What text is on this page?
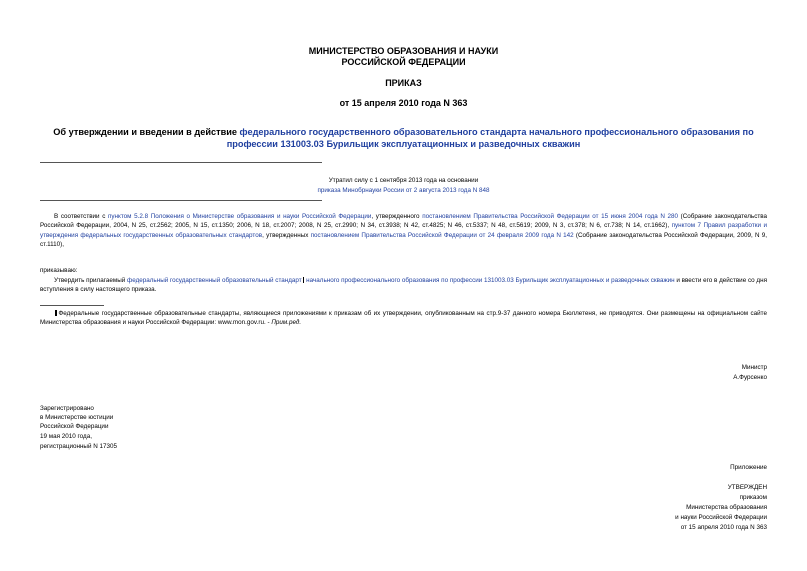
МИНИСТЕРСТВО ОБРАЗОВАНИЯ И НАУКИ
РОССИЙСКОЙ ФЕДЕРАЦИИ
ПРИКАЗ
от 15 апреля 2010 года N 363
Об утверждении и введении в действие федерального государственного образовательного стандарта начального профессионального образования по профессии 131003.03 Бурильщик эксплуатационных и разведочных скважин
Утратил силу с 1 сентября 2013 года на основании
приказа Минобрнауки России от 2 августа 2013 года N 848
В соответствии с пунктом 5.2.8 Положения о Министерстве образования и науки Российской Федерации, утвержденного постановлением Правительства Российской Федерации от 15 июня 2004 года N 280 (Собрание законодательства Российской Федерации, 2004, N 25, ст.2562; 2005, N 15, ст.1350; 2006, N 18, ст.2007; 2008, N 25, ст.2990; N 34, ст.3938; N 42, ст.4825; N 46, ст.5337; N 48, ст.5619; 2009, N 3, ст.378; N 6, ст.738; N 14, ст.1662), пунктом 7 Правил разработки и утверждения федеральных государственных образовательных стандартов, утвержденных постановлением Правительства Российской Федерации от 24 февраля 2009 года N 142 (Собрание законодательства Российской Федерации, 2009, N 9, ст.1110),
приказываю:
Утвердить прилагаемый федеральный государственный образовательный стандарт начального профессионального образования по профессии 131003.03 Бурильщик эксплуатационных и разведочных скважин и ввести его в действие со дня вступления в силу настоящего приказа.
Федеральные государственные образовательные стандарты, являющиеся приложениями к приказам об их утверждении, опубликованным на стр.9-37 данного номера Бюллетеня, не приводятся. Они размещены на официальном сайте Министерства образования и науки Российской Федерации: www.mon.gov.ru. - Прим.ред.
Министр
А.Фурсенко
Зарегистрировано
в Министерстве юстиции
Российской Федерации
19 мая 2010 года,
регистрационный N 17305
Приложение
УТВЕРЖДЕН
приказом
Министерства образования
и науки Российской Федерации
от 15 апреля 2010 года N 363
